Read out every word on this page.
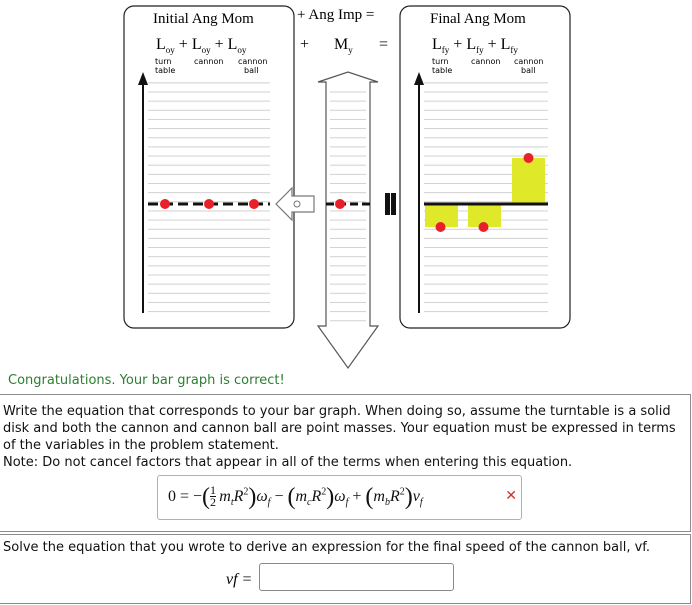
Initial Ang Mom
$L_{oy} + L_{oy} + L_{oy}$
turn table
cannon cannon ball
+ Ang Imp =
+ $M_y$ =
Final Ang Mom
$L_{fy} + L_{fy} + L_{fy}$
turn table
cannon cannon ball
Congratulations. Your bar graph is correct!
Write the equation that corresponds to your bar graph. When doing so, assume the turntable is a solid disk and both the cannon and cannon ball are point masses. Your equation must be expressed in terms of the variables in the problem statement.
Note: Do not cancel factors that appear in all of the terms when entering this equation.
0 = −( $\frac{1}{2} m_tR^2)\omega_f - (m_cR^2)\omega_f + (m_bR^2)v_f$	✕
Solve the equation that you wrote to derive an expression for the final speed of the cannon ball, vf.
vf =
